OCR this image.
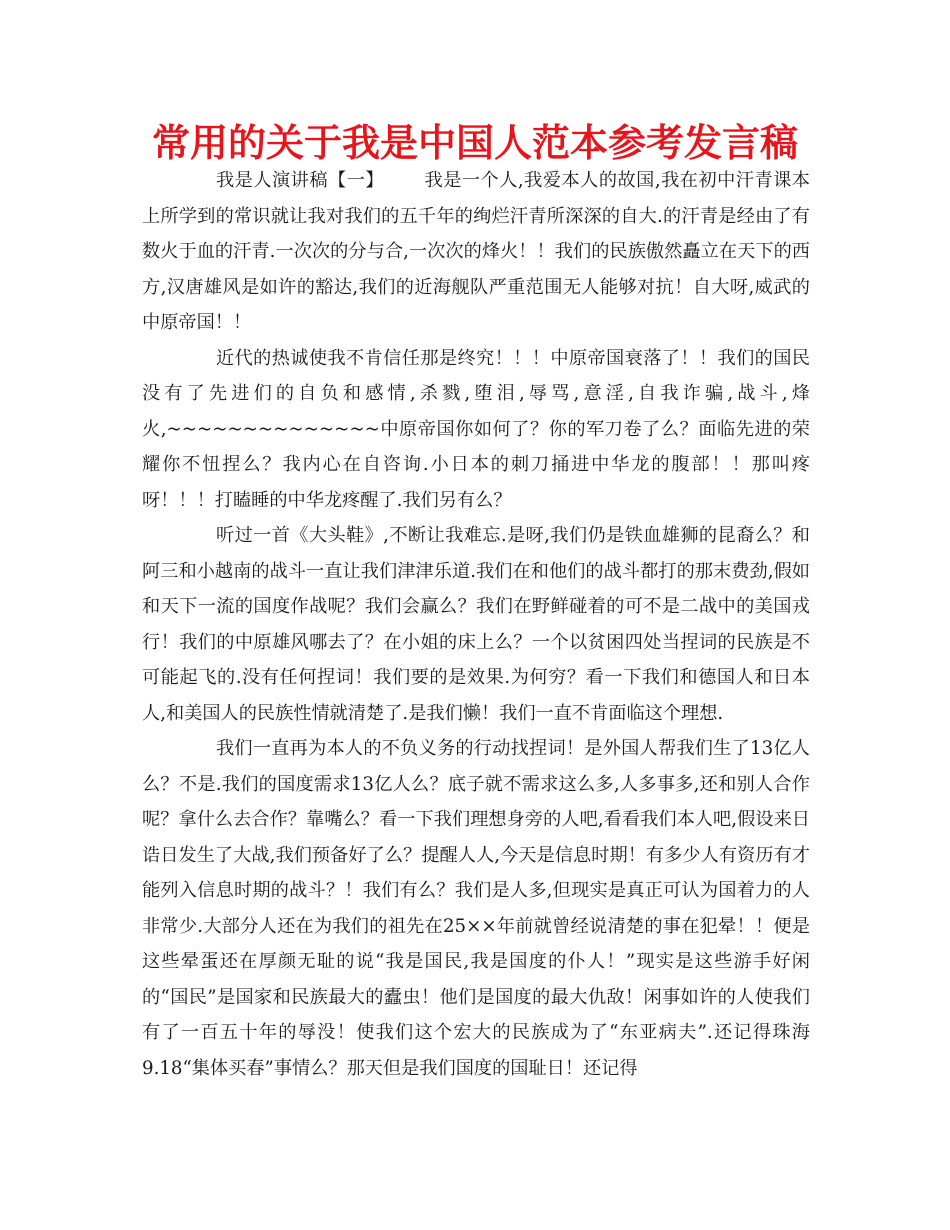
常用的关于我是中国人范本参考发言稿

我是人演讲稿【一】 我是一个人,我爱本人的故国,我在初中汗青课本上所学到的常识就让我对我们的五千年的绚烂汗青所深深的自大.的汗青是经由了有数火于血的汗青.一次次的分与合,一次次的烽火！！我们的民族傲然矗立在天下的西方,汉唐雄风是如许的豁达,我们的近海舰队严重范围无人能够对抗！自大呀,威武的中原帝国！！

近代的热诚使我不肯信任那是终究！！！中原帝国衰落了！！我们的国民没有了先进们的自负和感情,杀戮,堕泪,辱骂,意淫,自我诈骗,战斗,烽火,~~~~~~~~~~~~~~中原帝国你如何了？你的军刀卷了么？面临先进的荣耀你不忸捏么？我内心在自咨询.小日本的刺刀捅进中华龙的腹部！！那叫疼呀！！！打瞌睡的中华龙疼醒了.我们另有么？

听过一首《大头鞋》,不断让我难忘.是呀,我们仍是铁血雄狮的昆裔么？和阿三和小越南的战斗一直让我们津津乐道.我们在和他们的战斗都打的那末费劲,假如和天下一流的国度作战呢？我们会赢么？我们在野鲜碰着的可不是二战中的美国戎行！我们的中原雄风哪去了？在小姐的床上么？一个以贫困四处当捏词的民族是不可能起飞的.没有任何捏词！我们要的是效果.为何穷？看一下我们和德国人和日本人,和美国人的民族性情就清楚了.是我们懒！我们一直不肯面临这个理想.

我们一直再为本人的不负义务的行动找捏词！是外国人帮我们生了13亿人么？不是.我们的国度需求13亿人么？底子就不需求这么多,人多事多,还和别人合作呢？拿什么去合作？靠嘴么？看一下我们理想身旁的人吧,看看我们本人吧,假设来日诰日发生了大战,我们预备好了么？提醒人人,今天是信息时期！有多少人有资历有才能列入信息时期的战斗？！我们有么？我们是人多,但现实是真正可认为国着力的人非常少.大部分人还在为我们的祖先在25××年前就曾经说清楚的事在犯晕！！便是这些晕蛋还在厚颜无耻的说“我是国民,我是国度的仆人！”现实是这些游手好闲的“国民”是国家和民族最大的蠹虫！他们是国度的最大仇敌！闲事如许的人使我们有了一百五十年的辱没！使我们这个宏大的民族成为了“东亚病夫”.还记得珠海9.18“集体买春”事情么？那天但是我们国度的国耻日！还记得
